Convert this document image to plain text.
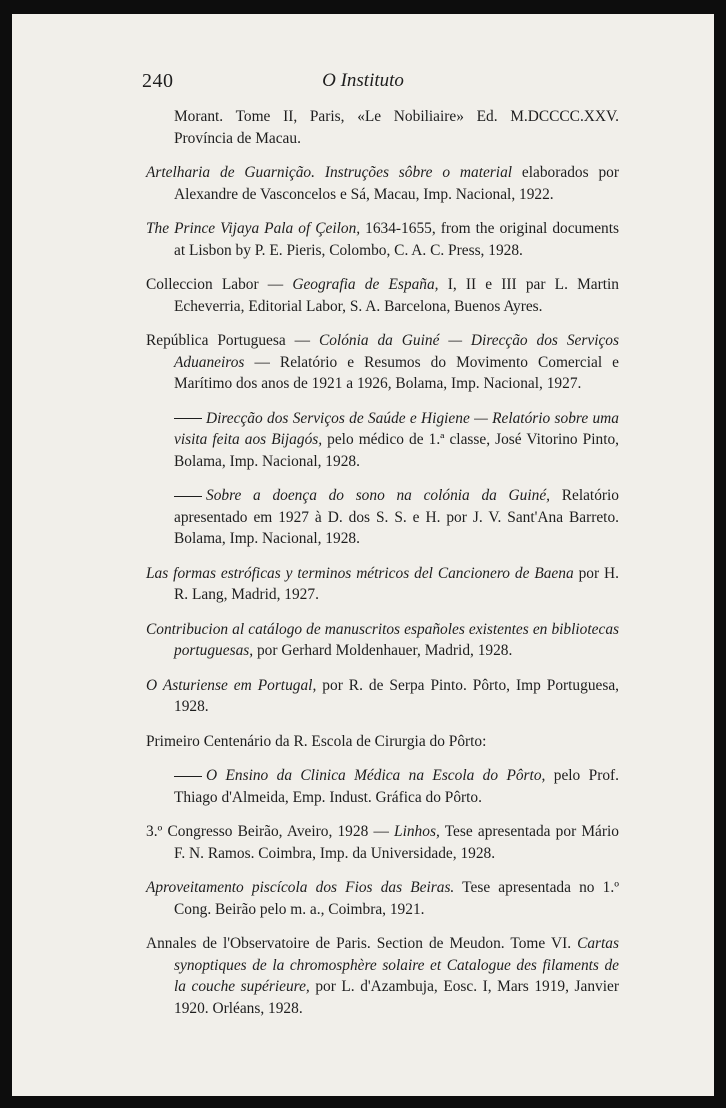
240	O Instituto

Morant. Tome II, Paris, «Le Nobiliaire» Ed. M.DCCCC.XXV. Província de Macau.

Artelharia de Guarnição. Instruções sôbre o material elaborados por Alexandre de Vasconcelos e Sá, Macau, Imp. Nacional, 1922.

The Prince Vijaya Pala of Çeilon, 1634-1655, from the original documents at Lisbon by P. E. Pieris, Colombo, C. A. C. Press, 1928.

Colleccion Labor — Geografia de España, I, II e III par L. Martin Echeverria, Editorial Labor, S. A. Barcelona, Buenos Ayres.

República Portuguesa — Colónia da Guiné — Direcção dos Serviços Aduaneiros — Relatório e Resumos do Movimento Comercial e Marítimo dos anos de 1921 a 1926, Bolama, Imp. Nacional, 1927.

Direcção dos Serviços de Saúde e Higiene — Relatório sobre uma visita feita aos Bijagós, pelo médico de 1.ª classe, José Vitorino Pinto, Bolama, Imp. Nacional, 1928.

Sobre a doença do sono na colónia da Guiné, Relatório apresentado em 1927 à D. dos S. S. e H. por J. V. Sant'Ana Barreto. Bolama, Imp. Nacional, 1928.

Las formas estróficas y terminos métricos del Cancionero de Baena por H. R. Lang, Madrid, 1927.

Contribucion al catálogo de manuscritos españoles existentes en bibliotecas portuguesas, por Gerhard Moldenhauer, Madrid, 1928.

O Asturiense em Portugal, por R. de Serpa Pinto. Pôrto, Imp Portuguesa, 1928.

Primeiro Centenário da R. Escola de Cirurgia do Pôrto:

O Ensino da Clinica Médica na Escola do Pôrto, pelo Prof. Thiago d'Almeida, Emp. Indust. Gráfica do Pôrto.

3.º Congresso Beirão, Aveiro, 1928 — Linhos, Tese apresentada por Mário F. N. Ramos. Coimbra, Imp. da Universidade, 1928.

Aproveitamento piscícola dos Fios das Beiras. Tese apresentada no 1.º Cong. Beirão pelo m. a., Coimbra, 1921.

Annales de l'Observatoire de Paris. Section de Meudon. Tome VI. Cartas synoptiques de la chromosphère solaire et Catalogue des filaments de la couche supérieure, por L. d'Azambuja, Eosc. I, Mars 1919, Janvier 1920. Orléans, 1928.
